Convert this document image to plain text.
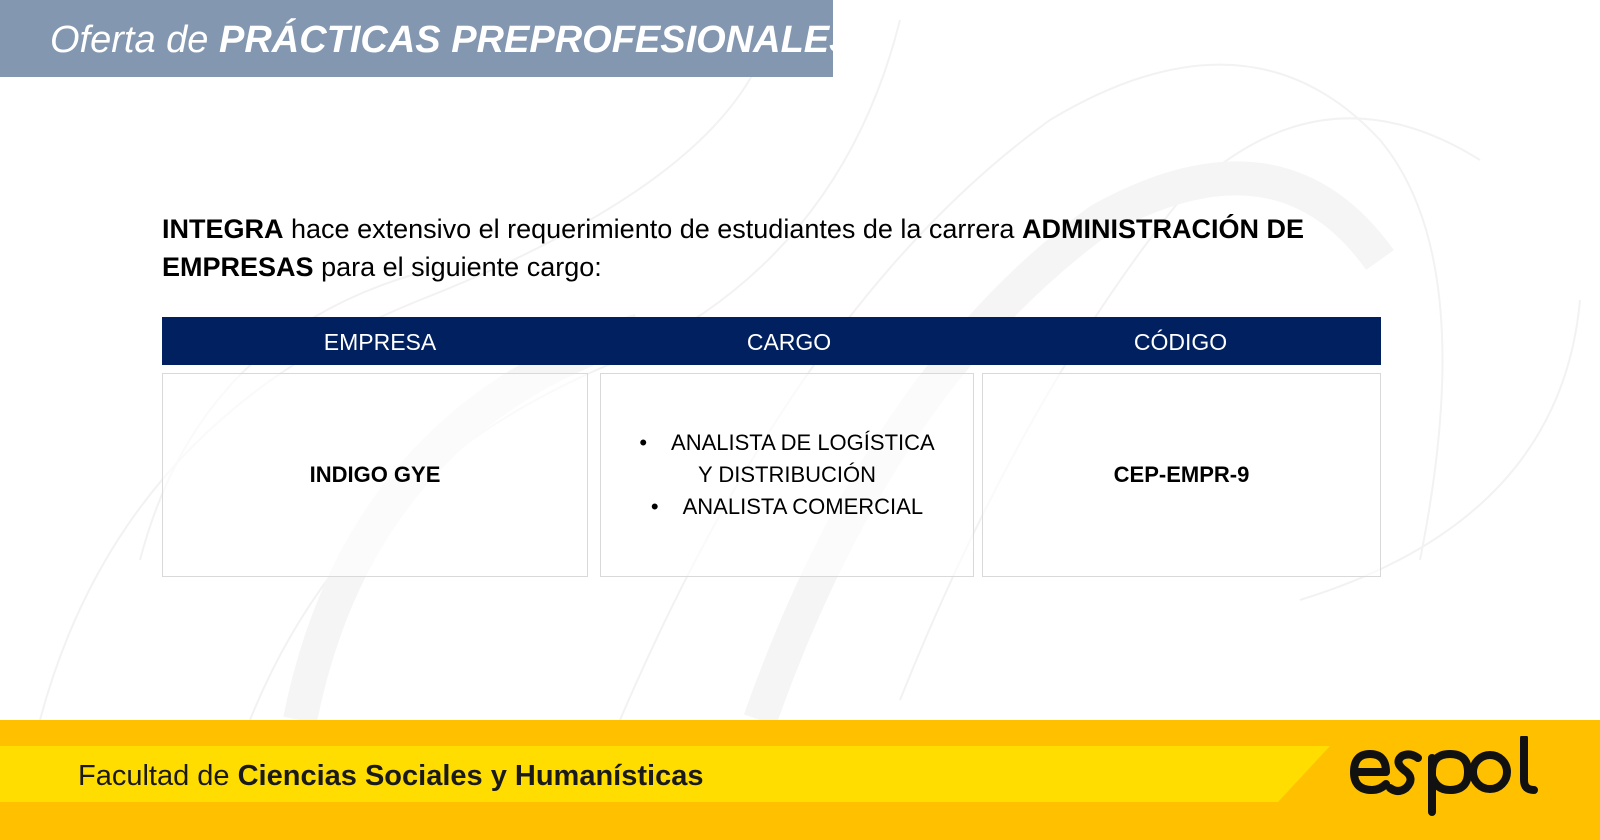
Oferta de PRÁCTICAS PREPROFESIONALES
INTEGRA hace extensivo el requerimiento de estudiantes de la carrera ADMINISTRACIÓN DE EMPRESAS para el siguiente cargo:
EMPRESA	CARGO	CÓDIGO
INDIGO GYE
• ANALISTA DE LOGÍSTICA Y DISTRIBUCIÓN
• ANALISTA COMERCIAL
CEP-EMPR-9
Facultad de Ciencias Sociales y Humanísticas
